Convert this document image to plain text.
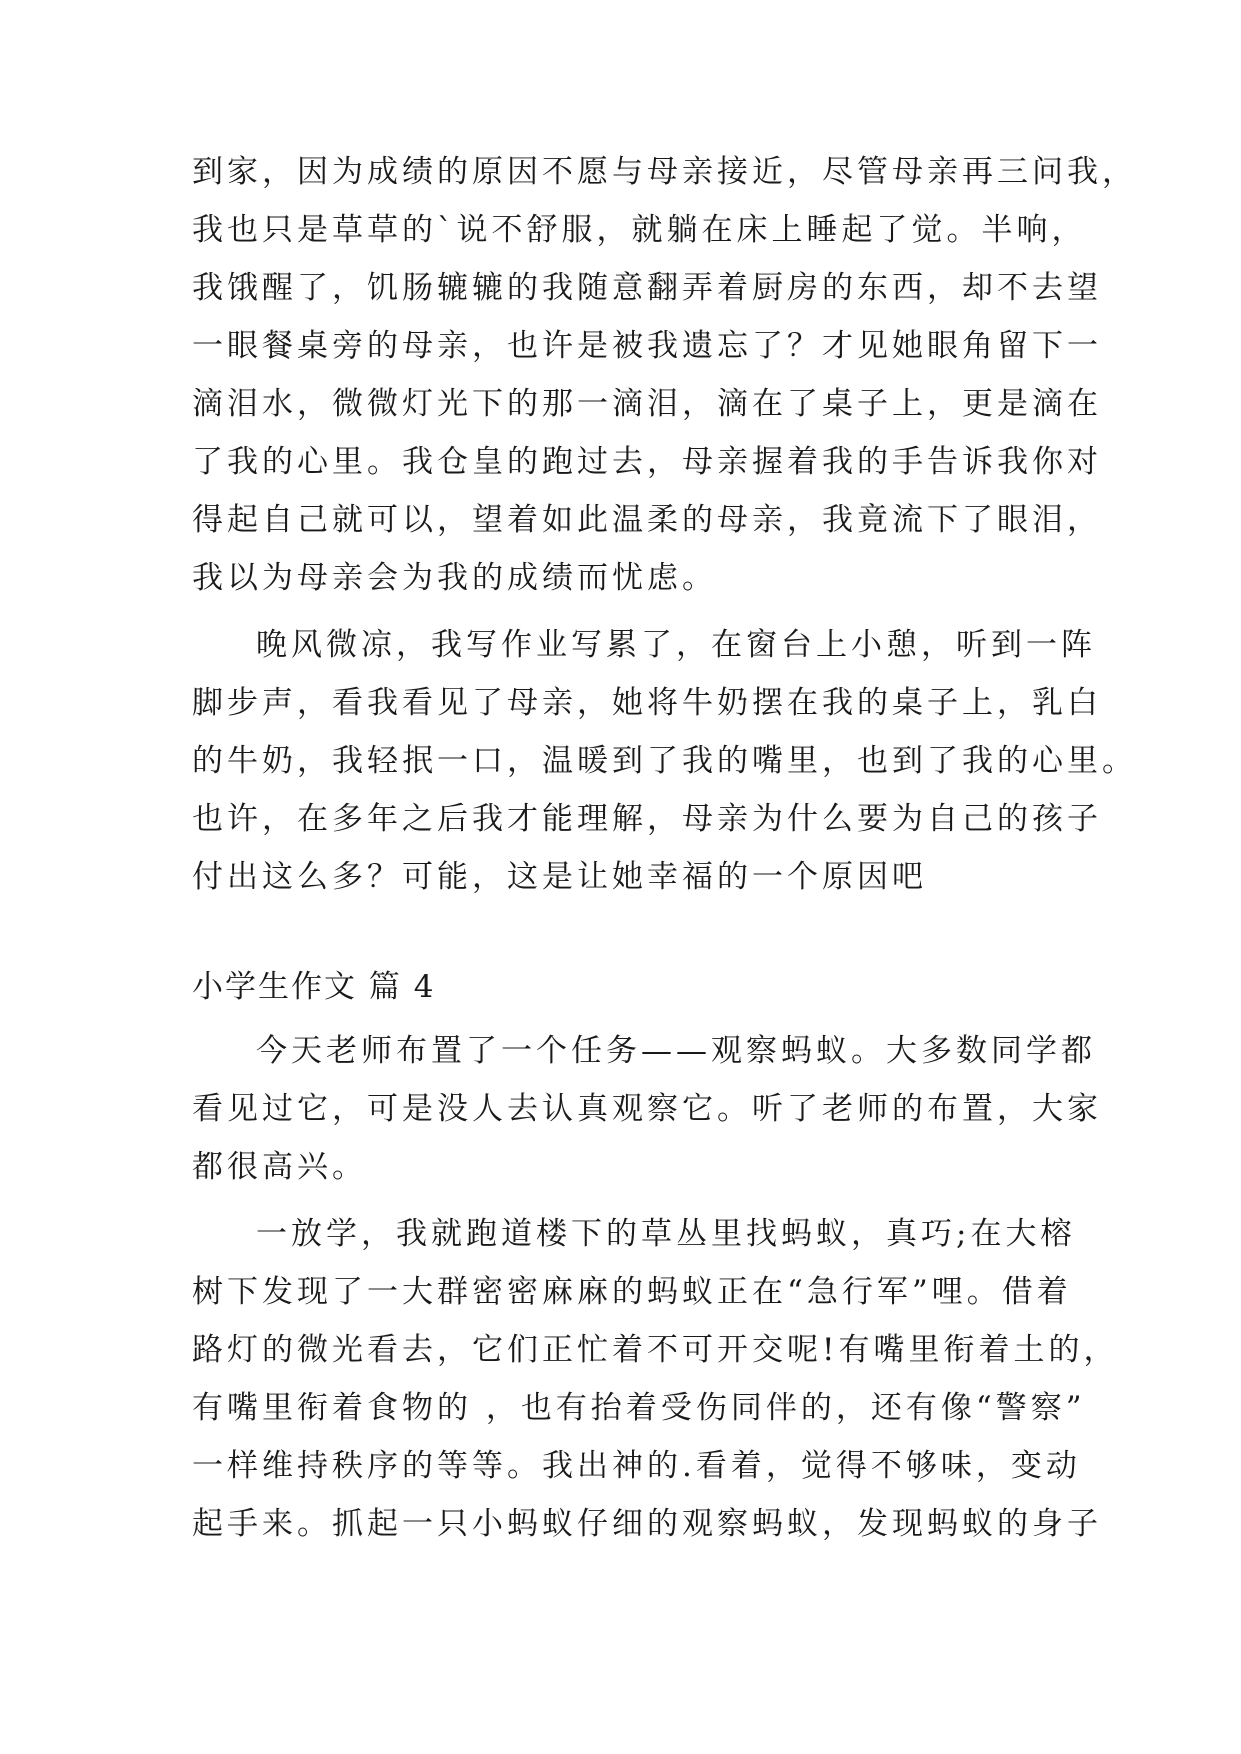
到家，因为成绩的原因不愿与母亲接近，尽管母亲再三问我，
我也只是草草的`说不舒服，就躺在床上睡起了觉。半响，
我饿醒了，饥肠辘辘的我随意翻弄着厨房的东西，却不去望
一眼餐桌旁的母亲，也许是被我遗忘了？才见她眼角留下一
滴泪水，微微灯光下的那一滴泪，滴在了桌子上，更是滴在
了我的心里。我仓皇的跑过去，母亲握着我的手告诉我你对
得起自己就可以，望着如此温柔的母亲，我竟流下了眼泪，
我以为母亲会为我的成绩而忧虑。
晚风微凉，我写作业写累了，在窗台上小憩，听到一阵
脚步声，看我看见了母亲，她将牛奶摆在我的桌子上，乳白
的牛奶，我轻抿一口，温暖到了我的嘴里，也到了我的心里。
也许，在多年之后我才能理解，母亲为什么要为自己的孩子
付出这么多？可能，这是让她幸福的一个原因吧
小学生作文 篇 4
今天老师布置了一个任务——观察蚂蚁。大多数同学都
看见过它，可是没人去认真观察它。听了老师的布置，大家
都很高兴。
一放学，我就跑道楼下的草丛里找蚂蚁，真巧;在大榕
树下发现了一大群密密麻麻的蚂蚁正在“急行军”哩。借着
路灯的微光看去，它们正忙着不可开交呢!有嘴里衔着土的，
有嘴里衔着食物的 ，也有抬着受伤同伴的，还有像“警察”
一样维持秩序的等等。我出神的.看着，觉得不够味，变动
起手来。抓起一只小蚂蚁仔细的观察蚂蚁，发现蚂蚁的身子
